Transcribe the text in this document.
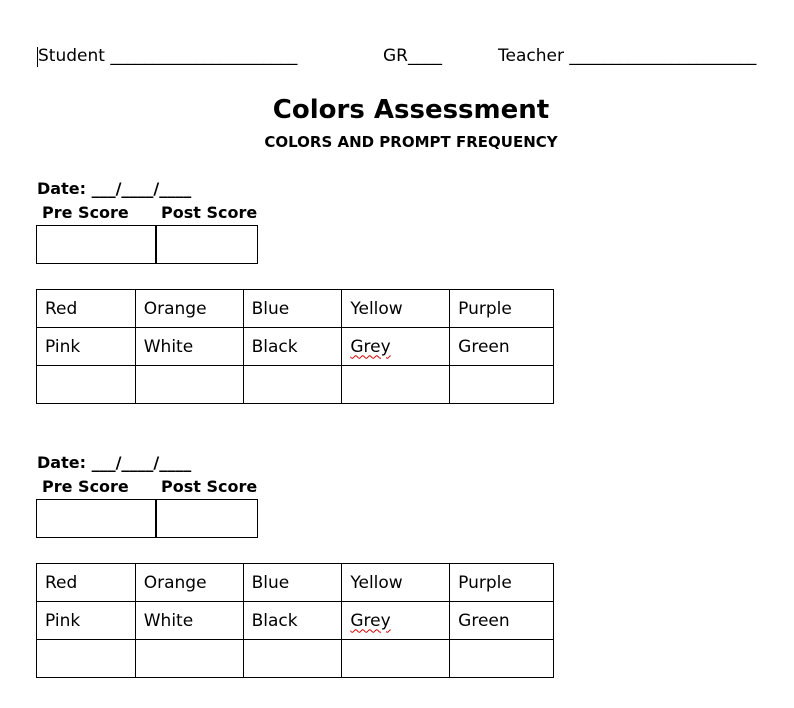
Student ______________________	GR____	Teacher ______________________
Colors Assessment
COLORS AND PROMPT FREQUENCY
Date: ___/____/____
Pre Score Post Score
Red	Orange	Blue	Yellow	Purple
Pink	White	Black	Grey	Green

Date: ___/____/____
Pre Score Post Score
Red	Orange	Blue	Yellow	Purple
Pink	White	Black	Grey	Green
